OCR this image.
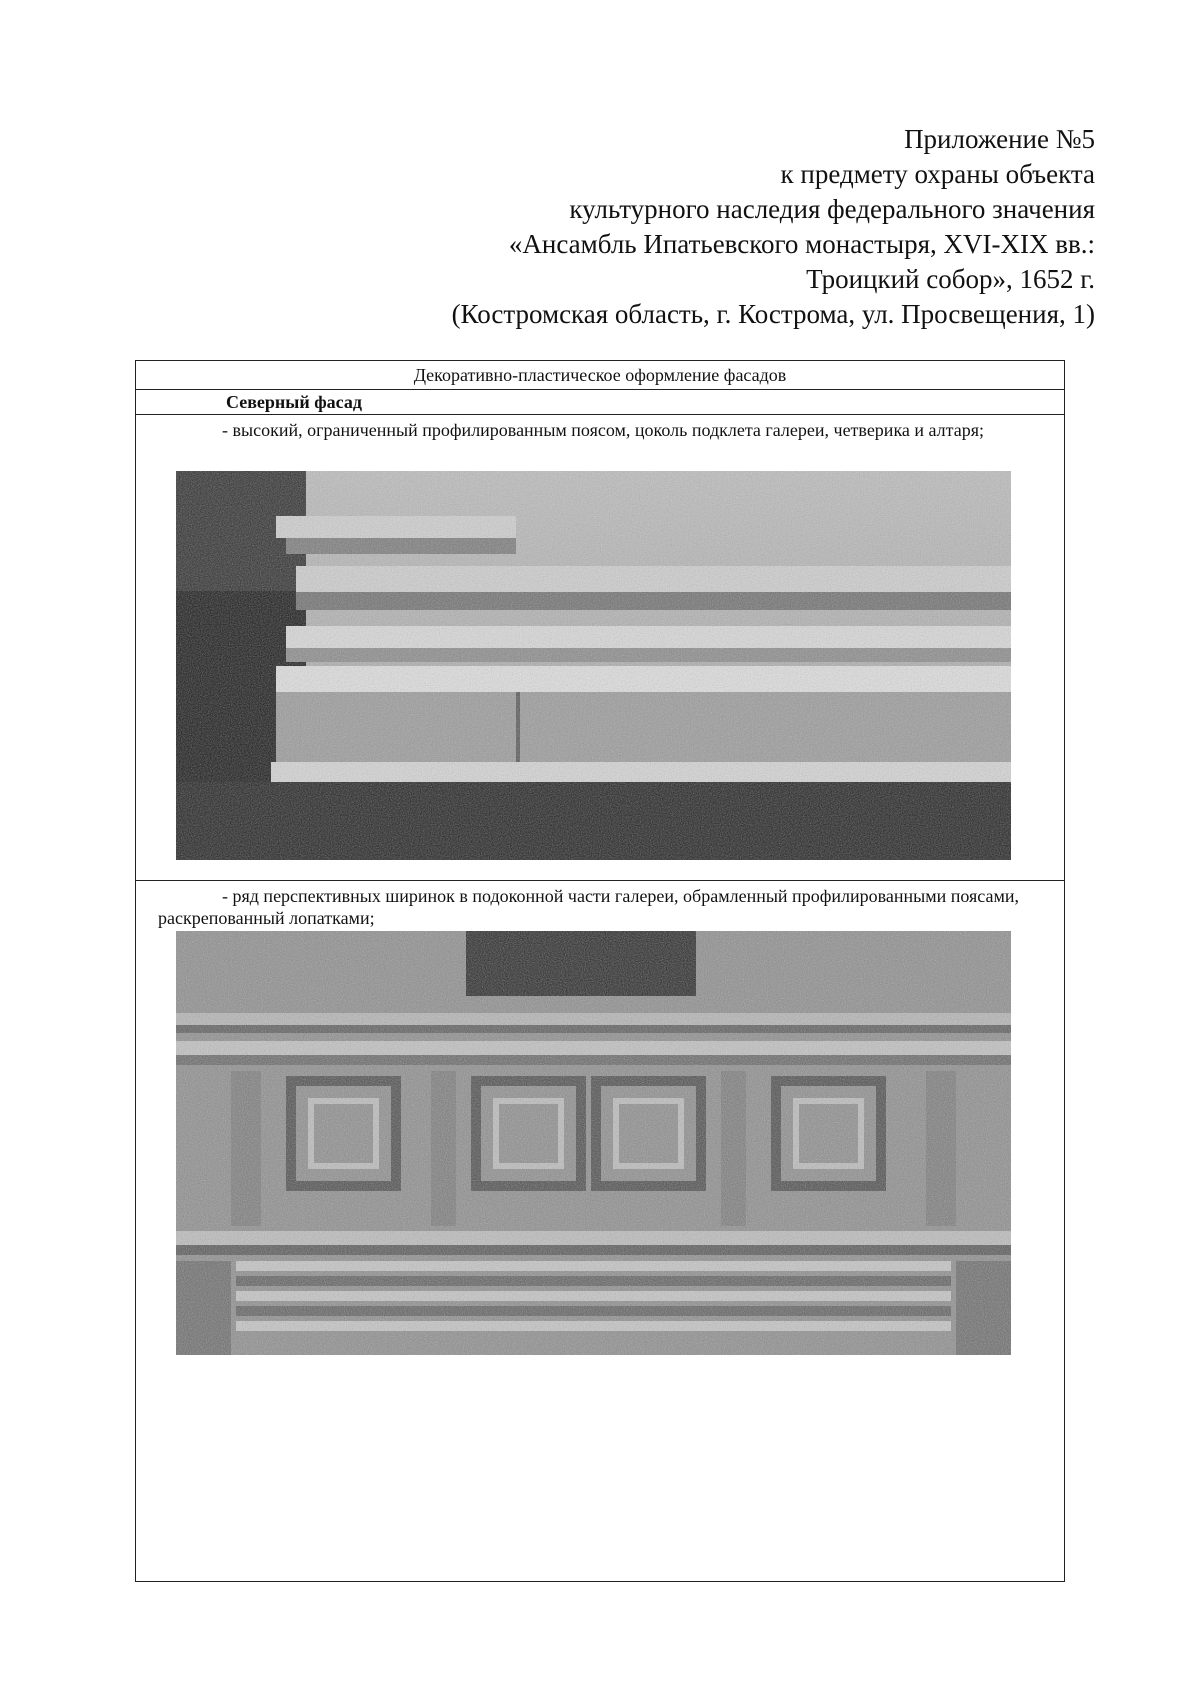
Приложение №5
к предмету охраны объекта
культурного наследия федерального значения
«Ансамбль Ипатьевского монастыря, XVI-XIX вв.:
Троицкий собор», 1652 г.
(Костромская область, г. Кострома, ул. Просвещения, 1)
Декоративно-пластическое оформление фасадов
Северный фасад
- высокий, ограниченный профилированным поясом, цоколь подклета галереи, четверика и алтаря;
- ряд перспективных ширинок в подоконной части галереи, обрамленный профилированными поясами, раскрепованный лопатками;
